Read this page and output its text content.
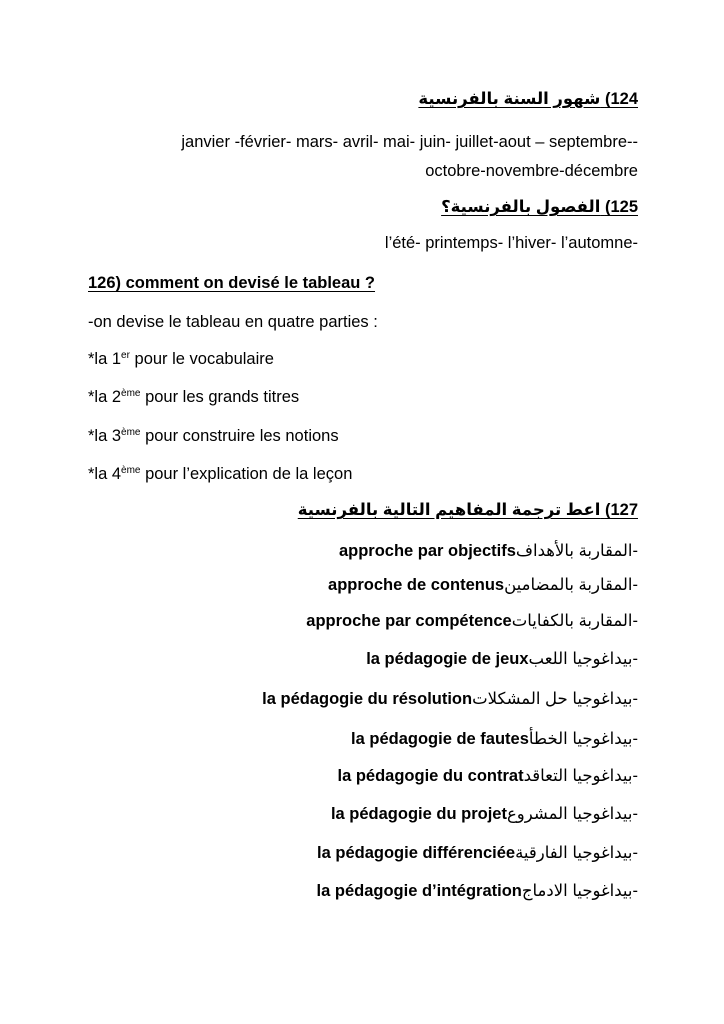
124) شهور السنة بالفرنسية
janvier -février- mars- avril- mai- juin- juillet-aout – septembre--
octobre-novembre-décembre
125) الفصول بالفرنسية؟
l’été- printemps- l’hiver- l’automne-
126) comment on devisé le tableau ?
-on devise le tableau en quatre parties :
*la 1er pour le vocabulaire
*la 2ème pour les grands titres
*la 3ème pour construire les notions
*la 4ème pour l’explication de la leçon
127) اعط ترجمة المفاهيم التالية بالفرنسية
approche par objectifs-المقاربة بالأهداف
approche de contenus-المقاربة بالمضامين
approche par compétence-المقاربة بالكفايات
la pédagogie de jeux-بيداغوجيا اللعب
la pédagogie du résolution-بيداغوجيا حل المشكلات
la pédagogie de fautes-بيداغوجيا الخطأ
la pédagogie du contrat-بيداغوجيا التعاقد
la pédagogie du projet-بيداغوجيا المشروع
la pédagogie différenciée-بيداغوجيا الفارقية
la pédagogie d’intégration-بيداغوجيا الادماج
